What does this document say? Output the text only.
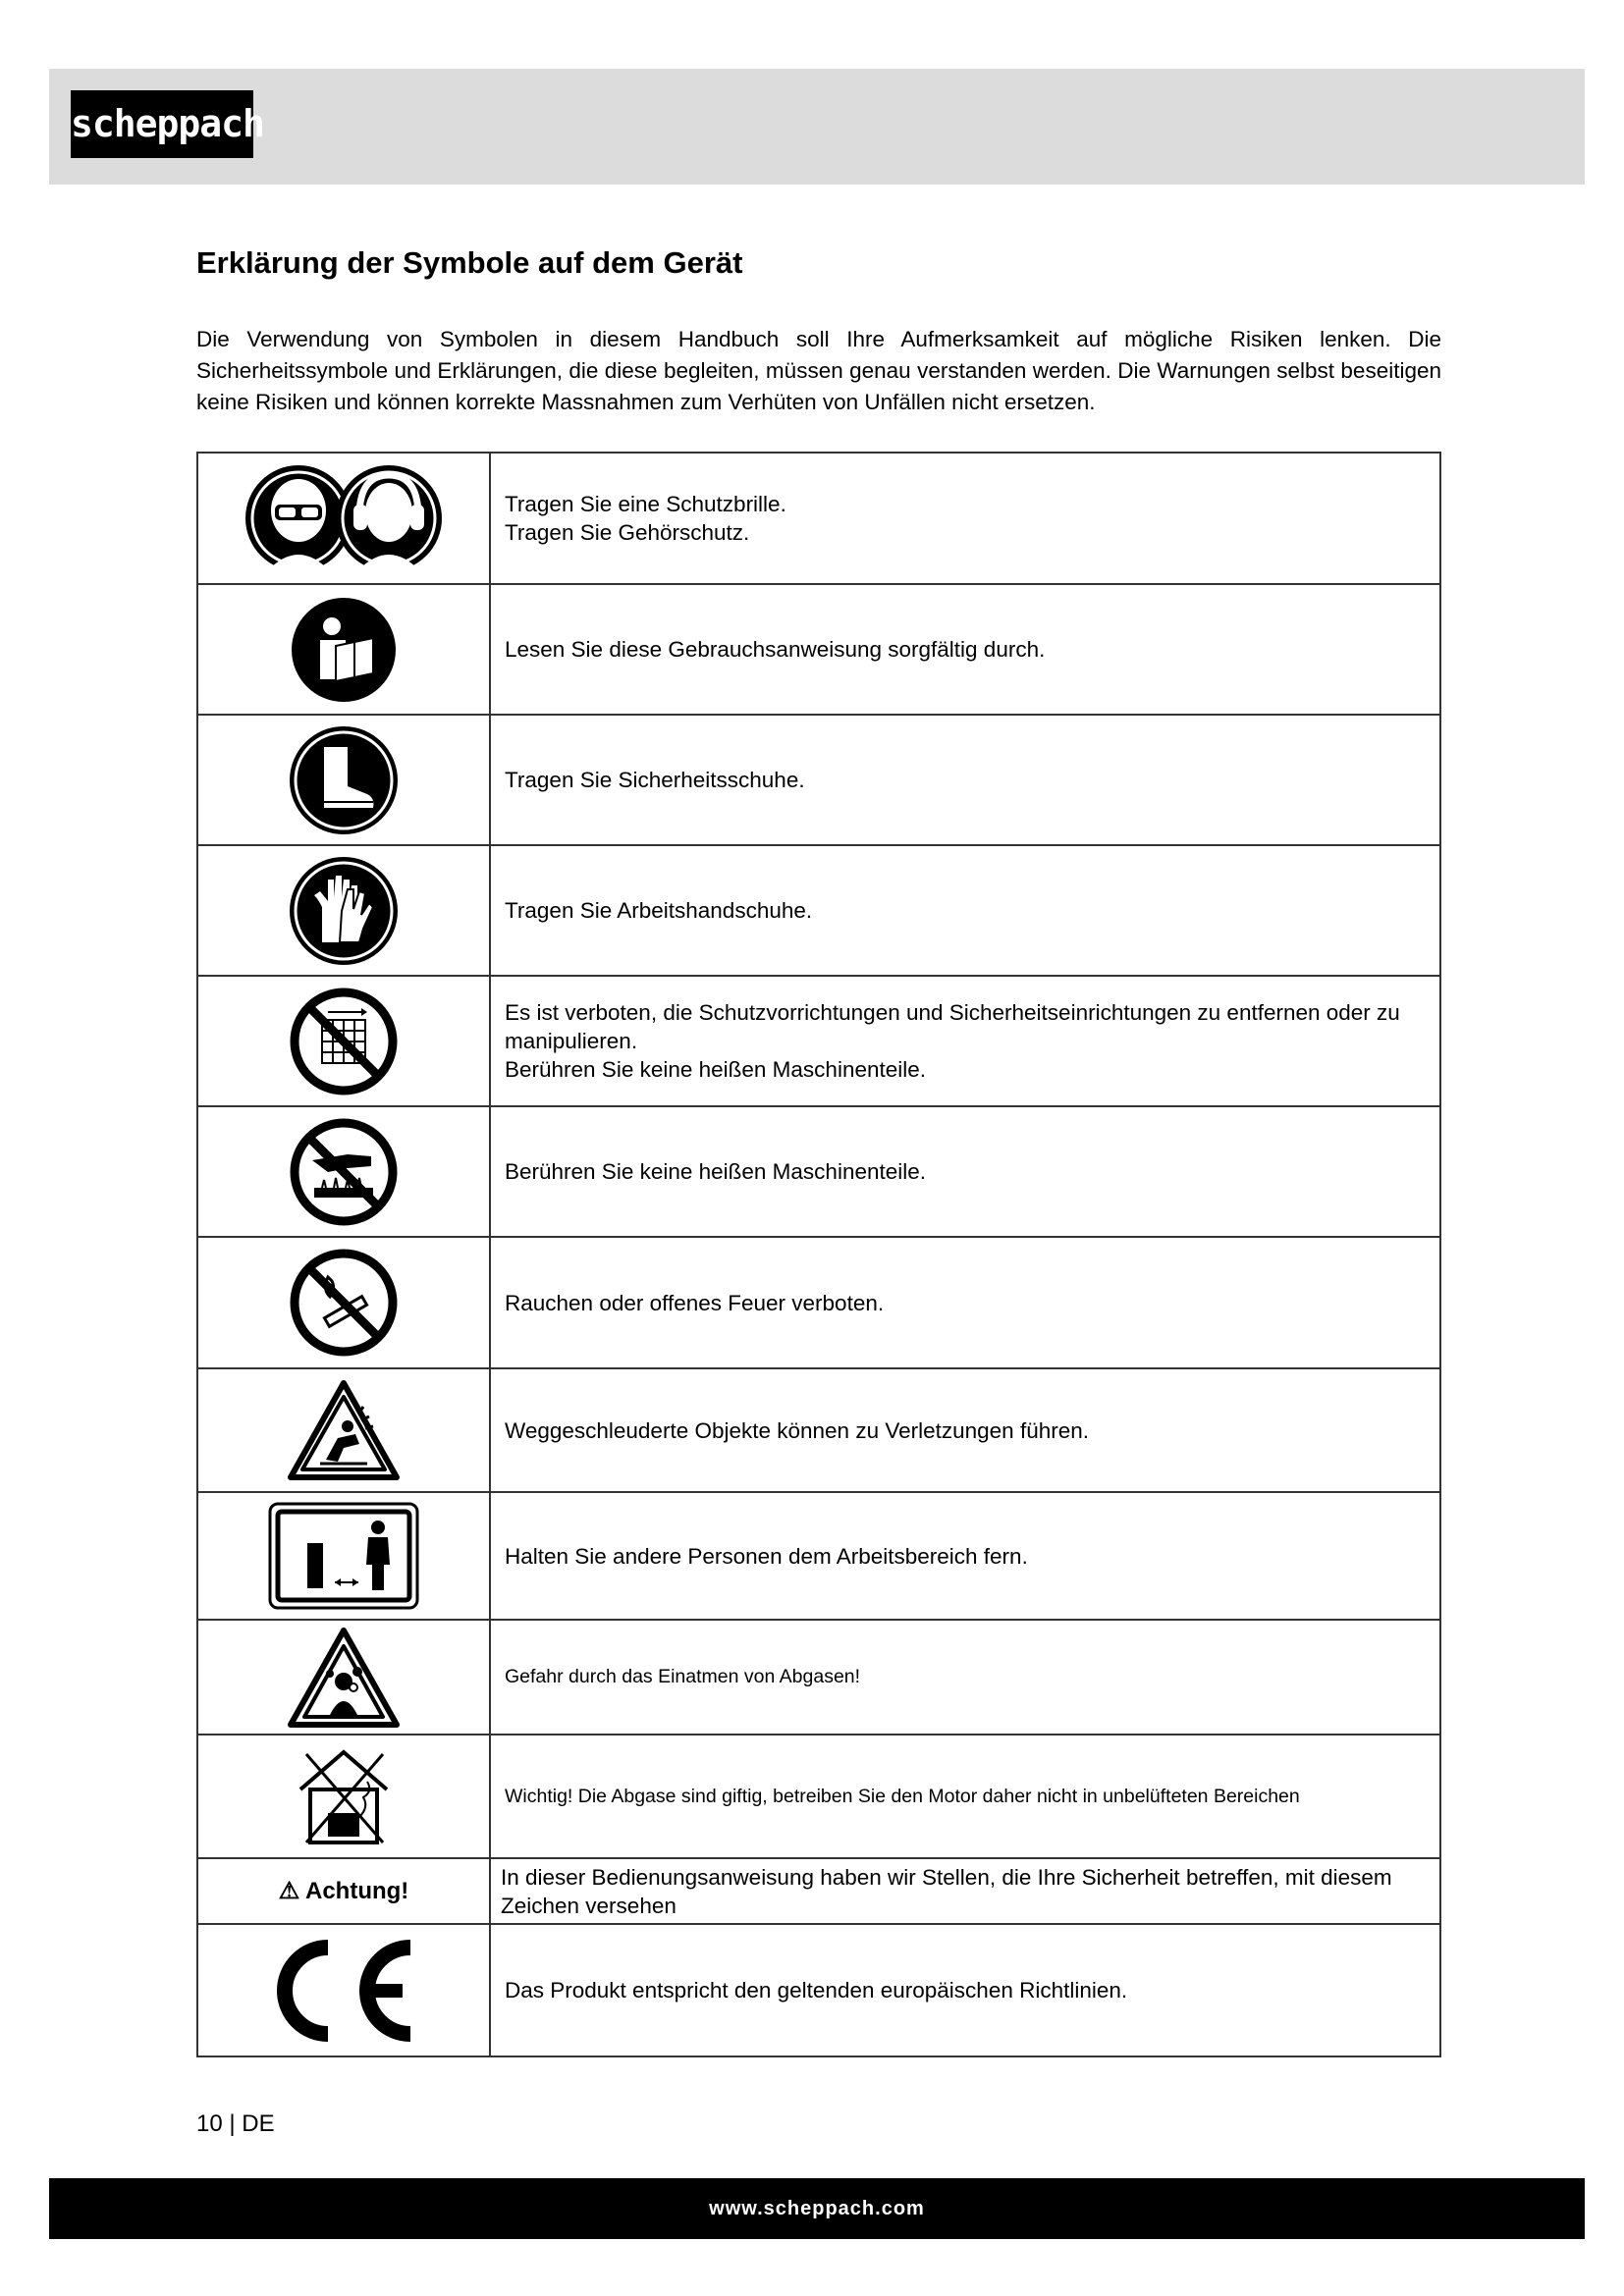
scheppach
Erklärung der Symbole auf dem Gerät

Die Verwendung von Symbolen in diesem Handbuch soll Ihre Aufmerksamkeit auf mögliche Risiken lenken. Die Sicherheitssymbole und Erklärungen, die diese begleiten, müssen genau verstanden werden. Die Warnungen selbst beseitigen keine Risiken und können korrekte Massnahmen zum Verhüten von Unfällen nicht ersetzen.

Tragen Sie eine Schutzbrille.
Tragen Sie Gehörschutz.

Lesen Sie diese Gebrauchsanweisung sorgfältig durch.

Tragen Sie Sicherheitsschuhe.

Tragen Sie Arbeitshandschuhe.

Es ist verboten, die Schutzvorrichtungen und Sicherheitseinrichtungen zu entfernen oder zu manipulieren.
Berühren Sie keine heißen Maschinenteile.

Berühren Sie keine heißen Maschinenteile.

Rauchen oder offenes Feuer verboten.

Weggeschleuderte Objekte können zu Verletzungen führen.

Halten Sie andere Personen dem Arbeitsbereich fern.

Gefahr durch das Einatmen von Abgasen!

Wichtig! Die Abgase sind giftig, betreiben Sie den Motor daher nicht in unbelüfteten Bereichen

⚠ Achtung!	In dieser Bedienungsanweisung haben wir Stellen, die Ihre Sicherheit betreffen, mit diesem Zeichen versehen

Das Produkt entspricht den geltenden europäischen Richtlinien.
10 | DE
www.scheppach.com
